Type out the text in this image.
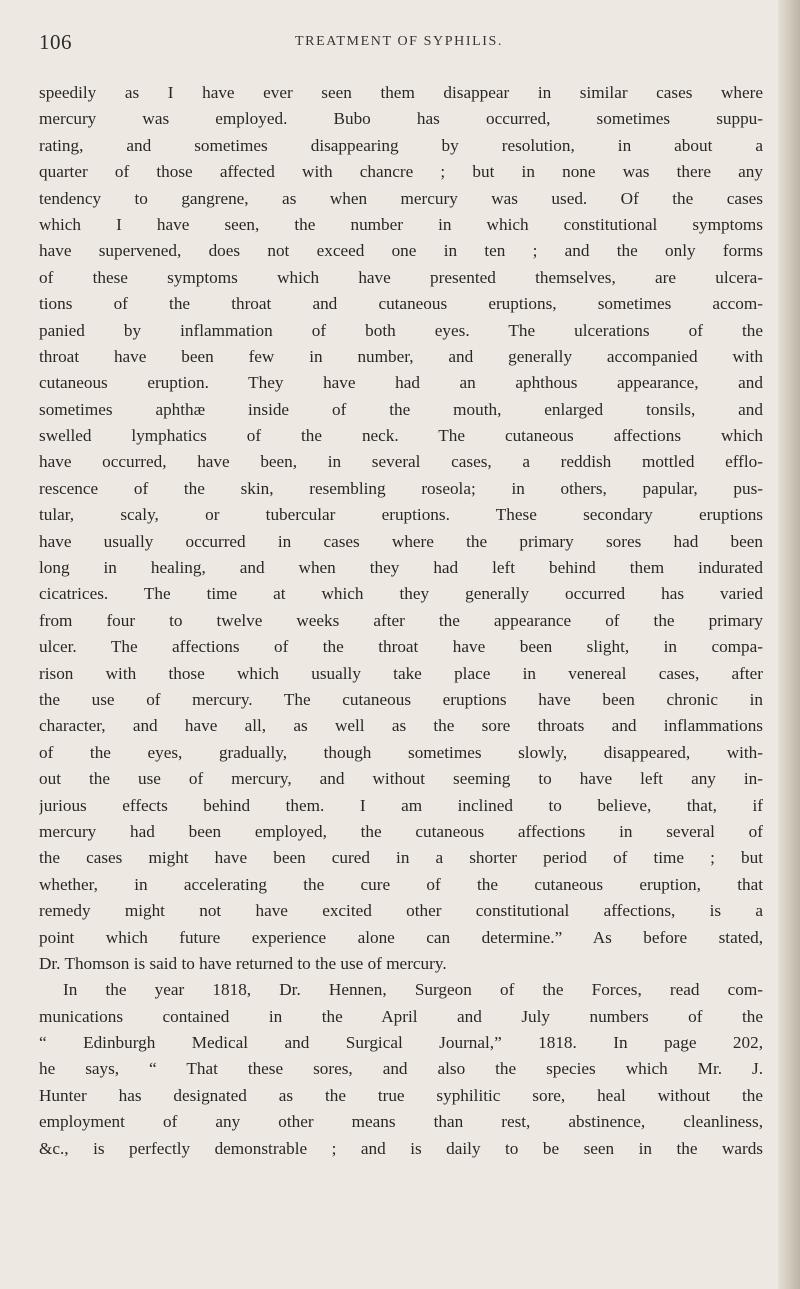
106	TREATMENT OF SYPHILIS.
speedily as I have ever seen them disappear in similar cases where
mercury was employed. Bubo has occurred, sometimes suppu-
rating, and sometimes disappearing by resolution, in about a
quarter of those affected with chancre ; but in none was there any
tendency to gangrene, as when mercury was used. Of the cases
which I have seen, the number in which constitutional symptoms
have supervened, does not exceed one in ten ; and the only forms
of these symptoms which have presented themselves, are ulcera-
tions of the throat and cutaneous eruptions, sometimes accom-
panied by inflammation of both eyes. The ulcerations of the
throat have been few in number, and generally accompanied with
cutaneous eruption. They have had an aphthous appearance, and
sometimes aphthæ inside of the mouth, enlarged tonsils, and
swelled lymphatics of the neck. The cutaneous affections which
have occurred, have been, in several cases, a reddish mottled efflo-
rescence of the skin, resembling roseola; in others, papular, pus-
tular, scaly, or tubercular eruptions. These secondary eruptions
have usually occurred in cases where the primary sores had been
long in healing, and when they had left behind them indurated
cicatrices. The time at which they generally occurred has varied
from four to twelve weeks after the appearance of the primary
ulcer. The affections of the throat have been slight, in compa-
rison with those which usually take place in venereal cases, after
the use of mercury. The cutaneous eruptions have been chronic in
character, and have all, as well as the sore throats and inflammations
of the eyes, gradually, though sometimes slowly, disappeared, with-
out the use of mercury, and without seeming to have left any in-
jurious effects behind them. I am inclined to believe, that, if
mercury had been employed, the cutaneous affections in several of
the cases might have been cured in a shorter period of time ; but
whether, in accelerating the cure of the cutaneous eruption, that
remedy might not have excited other constitutional affections, is a
point which future experience alone can determine.” As before stated,
Dr. Thomson is said to have returned to the use of mercury.
In the year 1818, Dr. Hennen, Surgeon of the Forces, read com-
munications contained in the April and July numbers of the
“ Edinburgh Medical and Surgical Journal,” 1818. In page 202,
he says, “ That these sores, and also the species which Mr. J.
Hunter has designated as the true syphilitic sore, heal without the
employment of any other means than rest, abstinence, cleanliness,
&c., is perfectly demonstrable ; and is daily to be seen in the wards
